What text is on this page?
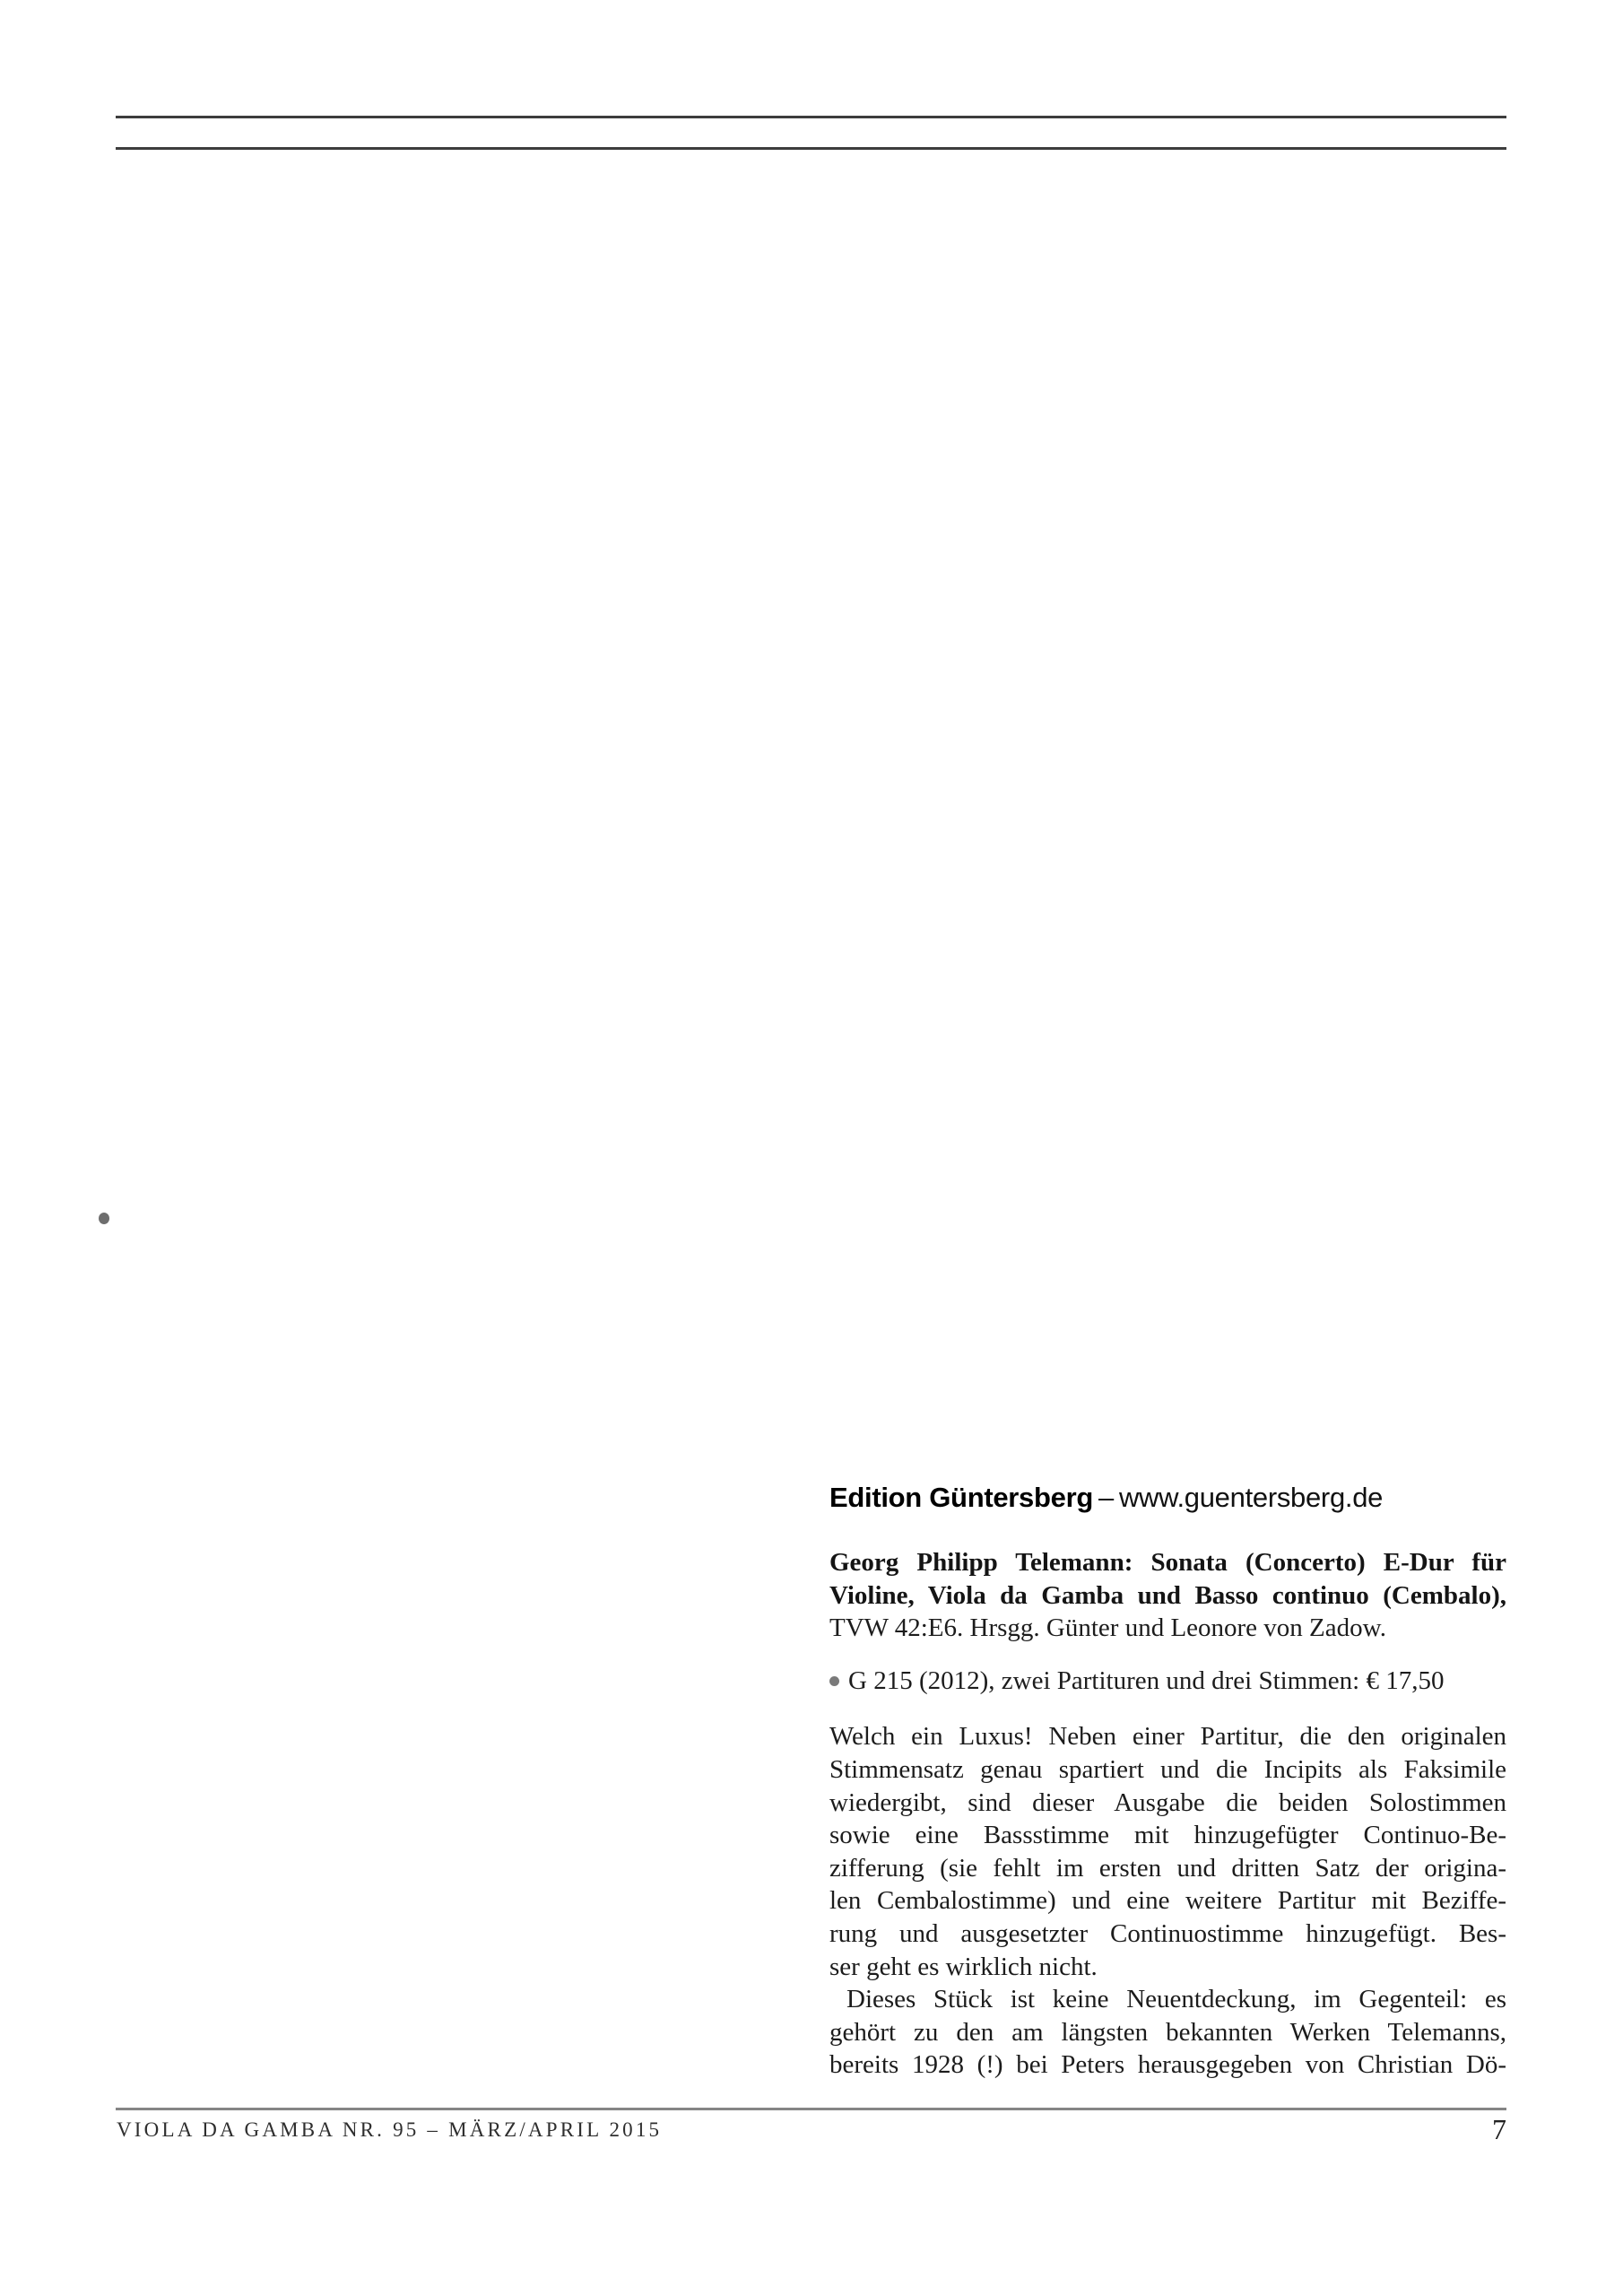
Edition Güntersberg – www.guentersberg.de
Georg Philipp Telemann: Sonata (Concerto) E-Dur für
Violine, Viola da Gamba und Basso continuo (Cembalo),
TVW 42:E6. Hrsgg. Günter und Leonore von Zadow.
G 215 (2012), zwei Partituren und drei Stimmen: € 17,50
Welch ein Luxus! Neben einer Partitur, die den originalen
Stimmensatz genau spartiert und die Incipits als Faksimile
wiedergibt, sind dieser Ausgabe die beiden Solostimmen
sowie eine Bassstimme mit hinzugefügter Continuo-Be-
zifferung (sie fehlt im ersten und dritten Satz der origina-
len Cembalostimme) und eine weitere Partitur mit Beziffe-
rung und ausgesetzter Continuostimme hinzugefügt. Bes-
ser geht es wirklich nicht.
Dieses Stück ist keine Neuentdeckung, im Gegenteil: es
gehört zu den am längsten bekannten Werken Telemanns,
bereits 1928 (!) bei Peters herausgegeben von Christian Dö-
VIOLA DA GAMBA NR. 95 – MÄRZ/APRIL 2015	7
